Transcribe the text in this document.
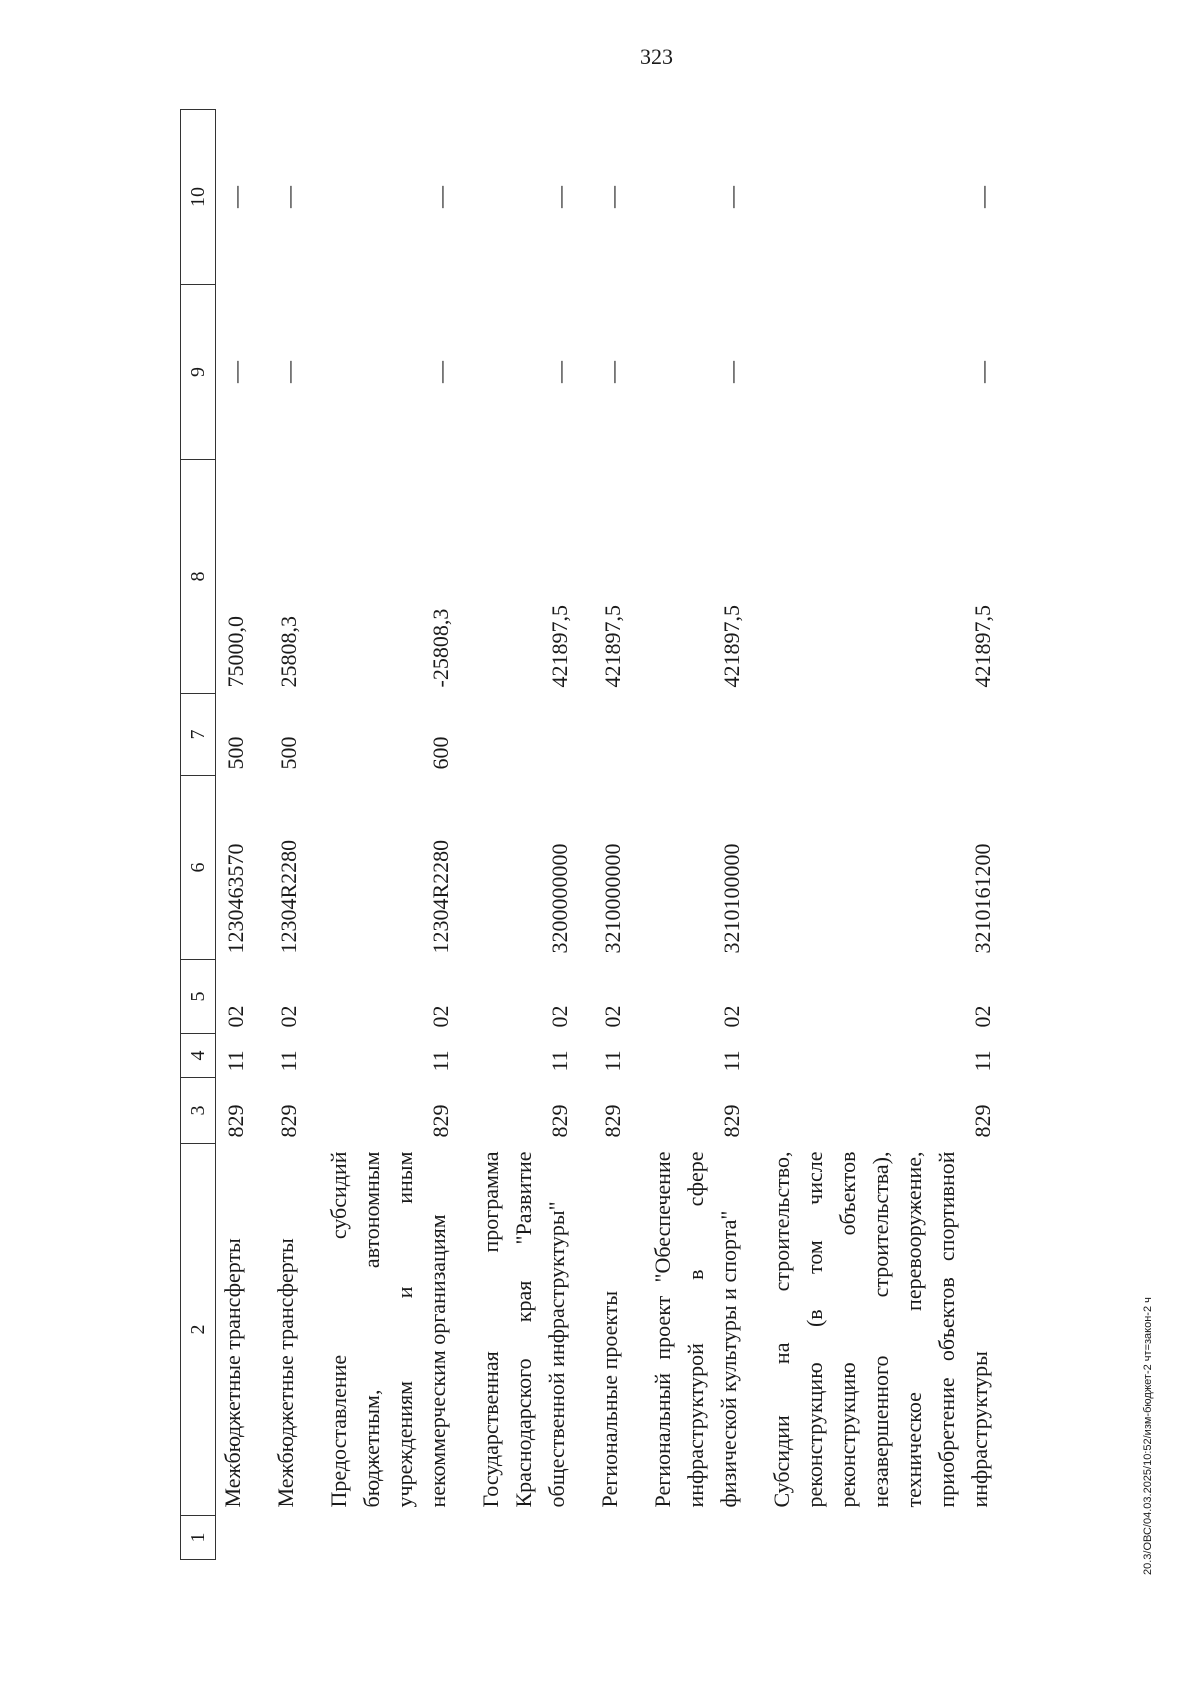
323
20.3/ОВС/04.03.2025/10:52/изм-бюджет-2 чт=закон-2 ч
1	2	3	4	5	6	7	8	9	10
	Межбюджетные трансферты	829	11	02	1230463570	500	75000,0	—	—
	Межбюджетные трансферты	829	11	02	12304R2280	500	25808,3	—	—
	Предоставление субсидий бюджетным, автономным учреждениям и иным некоммерческим организациям	829	11	02	12304R2280	600	-25808,3	—	—
	Государственная программа Краснодарского края "Развитие общественной инфраструктуры"	829	11	02	3200000000		421897,5	—	—
	Региональные проекты	829	11	02	3210000000		421897,5	—	—
	Региональный проект "Обеспечение инфраструктурой в сфере физической культуры и спорта"	829	11	02	3210100000		421897,5	—	—
	Субсидии на строительство, реконструкцию (в том числе реконструкцию объектов незавершенного строительства), техническое перевооружение, приобретение объектов спортивной инфраструктуры	829	11	02	3210161200		421897,5	—	—
